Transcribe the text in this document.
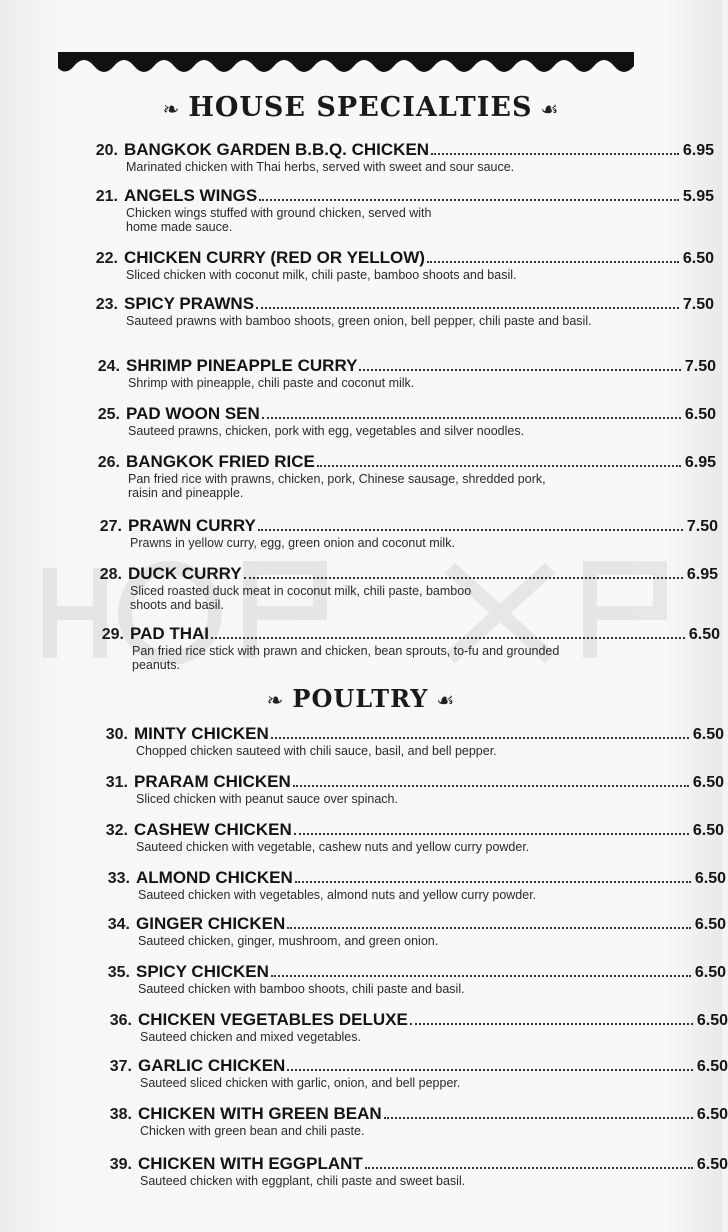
❧ HOUSE SPECIALTIES ☙
❧ POULTRY ☙
20. BANGKOK GARDEN B.B.Q. CHICKEN	6.95
Marinated chicken with Thai herbs, served with sweet and sour sauce.
21. ANGELS WINGS	5.95
Chicken wings stuffed with ground chicken, served with home made sauce.
22. CHICKEN CURRY (RED OR YELLOW)	6.50
Sliced chicken with coconut milk, chili paste, bamboo shoots and basil.
23. SPICY PRAWNS	7.50
Sauteed prawns with bamboo shoots, green onion, bell pepper, chili paste and basil.
24. SHRIMP PINEAPPLE CURRY	7.50
Shrimp with pineapple, chili paste and coconut milk.
25. PAD WOON SEN	6.50
Sauteed prawns, chicken, pork with egg, vegetables and silver noodles.
26. BANGKOK FRIED RICE	6.95
Pan fried rice with prawns, chicken, pork, Chinese sausage, shredded pork, raisin and pineapple.
27. PRAWN CURRY	7.50
Prawns in yellow curry, egg, green onion and coconut milk.
28. DUCK CURRY	6.95
Sliced roasted duck meat in coconut milk, chili paste, bamboo shoots and basil.
29. PAD THAI	6.50
Pan fried rice stick with prawn and chicken, bean sprouts, to-fu and grounded peanuts.
30. MINTY CHICKEN	6.50
Chopped chicken sauteed with chili sauce, basil, and bell pepper.
31. PRARAM CHICKEN	6.50
Sliced chicken with peanut sauce over spinach.
32. CASHEW CHICKEN	6.50
Sauteed chicken with vegetable, cashew nuts and yellow curry powder.
33. ALMOND CHICKEN	6.50
Sauteed chicken with vegetables, almond nuts and yellow curry powder.
34. GINGER CHICKEN	6.50
Sauteed chicken, ginger, mushroom, and green onion.
35. SPICY CHICKEN	6.50
Sauteed chicken with bamboo shoots, chili paste and basil.
36. CHICKEN VEGETABLES DELUXE	6.50
Sauteed chicken and mixed vegetables.
37. GARLIC CHICKEN	6.50
Sauteed sliced chicken with garlic, onion, and bell pepper.
38. CHICKEN WITH GREEN BEAN	6.50
Chicken with green bean and chili paste.
39. CHICKEN WITH EGGPLANT	6.50
Sauteed chicken with eggplant, chili paste and sweet basil.
